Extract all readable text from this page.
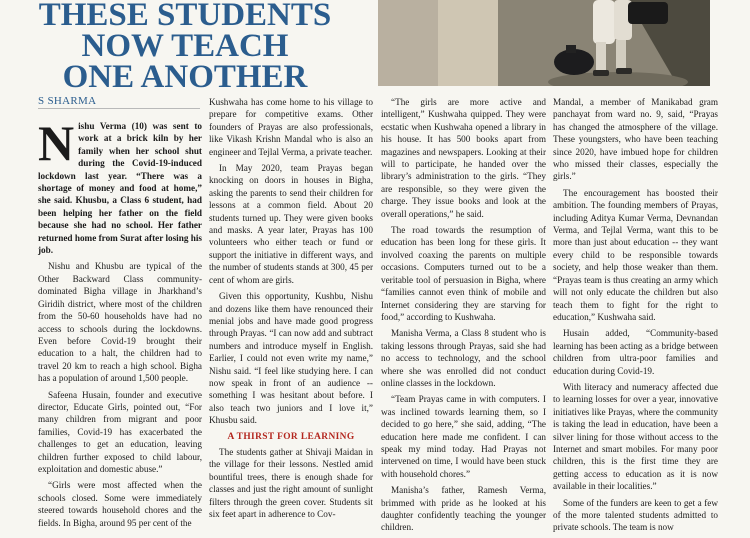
THESE STUDENTS
NOW TEACH
ONE ANOTHER
S SHARMA

Nishu Verma (10) was sent to work at a brick kiln by her family when her school shut during the Covid-19-induced lockdown last year. “There was a shortage of money and food at home,” she said. Khusbu, a Class 6 student, had been helping her father on the field because she had no school. Her father returned home from Surat after losing his job.

Nishu and Khusbu are typical of the Other Backward Class community-dominated Bigha village in Jharkhand’s Giridih district, where most of the children from the 50-60 households have had no access to schools during the lockdowns. Even before Covid-19 brought their education to a halt, the children had to travel 20 km to reach a high school. Bigha has a population of around 1,500 people.

Safeena Husain, founder and executive director, Educate Girls, pointed out, “For many children from migrant and poor families, Covid-19 has exacerbated the challenges to get an education, leaving children further exposed to child labour, exploitation and domestic abuse.”

“Girls were most affected when the schools closed. Some were immediately steered towards household chores and the fields. In Bigha, around 95 per cent of the

Kushwaha has come home to his village to prepare for competitive exams. Other founders of Prayas are also professionals, like Vikash Krishn Mandal who is also an engineer and Tejlal Verma, a private teacher.

In May 2020, team Prayas began knocking on doors in houses in Bigha, asking the parents to send their children for lessons at a common field. About 20 students turned up. They were given books and masks. A year later, Prayas has 100 volunteers who either teach or fund or support the initiative in different ways, and the number of students stands at 300, 45 per cent of whom are girls.

Given this opportunity, Kushbu, Nishu and dozens like them have renounced their menial jobs and have made good progress through Prayas. “I can now add and subtract numbers and introduce myself in English. Earlier, I could not even write my name,” Nishu said. “I feel like studying here. I can now speak in front of an audience -- something I was hesitant about before. I also teach two juniors and I love it,” Khusbu said.

A THIRST FOR LEARNING

The students gather at Shivaji Maidan in the village for their lessons. Nestled amid bountiful trees, there is enough shade for classes and just the right amount of sunlight filters through the green cover. Students sit six feet apart in adherence to Cov-

“The girls are more active and intelligent,” Kushwaha quipped. They were ecstatic when Kushwaha opened a library in his house. It has 500 books apart from magazines and newspapers. Looking at their will to participate, he handed over the library’s administration to the girls. “They are responsible, so they were given the charge. They issue books and look at the overall operations,” he said.

The road towards the resumption of education has been long for these girls. It involved coaxing the parents on multiple occasions. Computers turned out to be a veritable tool of persuasion in Bigha, where “families cannot even think of mobile and Internet considering they are starving for food,” according to Kushwaha.

Manisha Verma, a Class 8 student who is taking lessons through Prayas, said she had no access to technology, and the school where she was enrolled did not conduct online classes in the lockdown.

“Team Prayas came in with computers. I was inclined towards learning them, so I decided to go here,” she said, adding, “The education here made me confident. I can speak my mind today. Had Prayas not intervened on time, I would have been stuck with household chores.”

Manisha’s father, Ramesh Verma, brimmed with pride as he looked at his daughter confidently teaching the younger children.

Mandal, a member of Manikabad gram panchayat from ward no. 9, said, “Prayas has changed the atmosphere of the village. These youngsters, who have been teaching since 2020, have imbued hope for children who missed their classes, especially the girls.”

The encouragement has boosted their ambition. The founding members of Prayas, including Aditya Kumar Verma, Devnandan Verma, and Tejlal Verma, want this to be more than just about education -- they want every child to be responsible towards society, and help those weaker than them. “Prayas team is thus creating an army which will not only educate the children but also teach them to fight for the right to education,” Kushwaha said.

Husain added, “Community-based learning has been acting as a bridge between children from ultra-poor families and education during Covid-19.

With literacy and numeracy affected due to learning losses for over a year, innovative initiatives like Prayas, where the community is taking the lead in education, have been a silver lining for those without access to the Internet and smart mobiles. For many poor children, this is the first time they are getting access to education as it is now available in their localities.”

Some of the funders are keen to get a few of the more talented students admitted to private schools. The team is now
